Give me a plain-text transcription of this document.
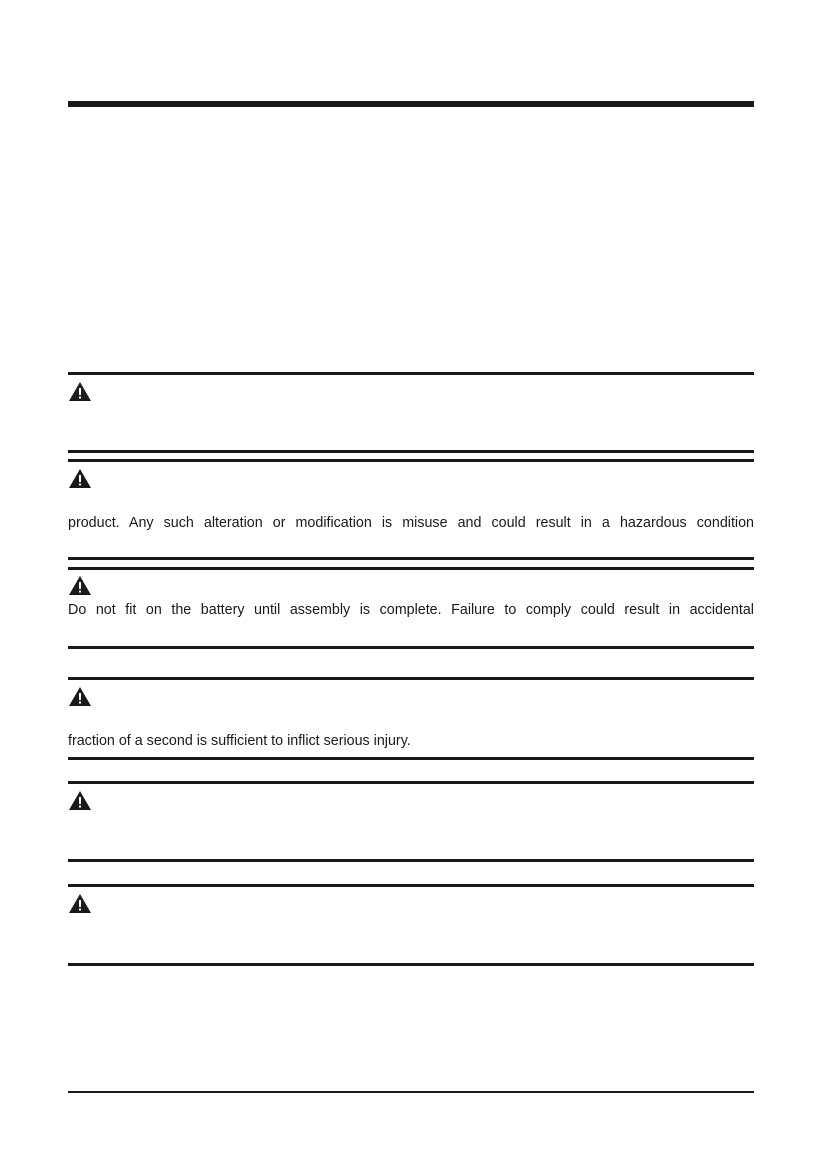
product. Any such alteration or modification is misuse and could result in a hazardous condition
Do not fit on the battery until assembly is complete. Failure to comply could result in accidental
fraction of a second is sufficient to inflict serious injury.
